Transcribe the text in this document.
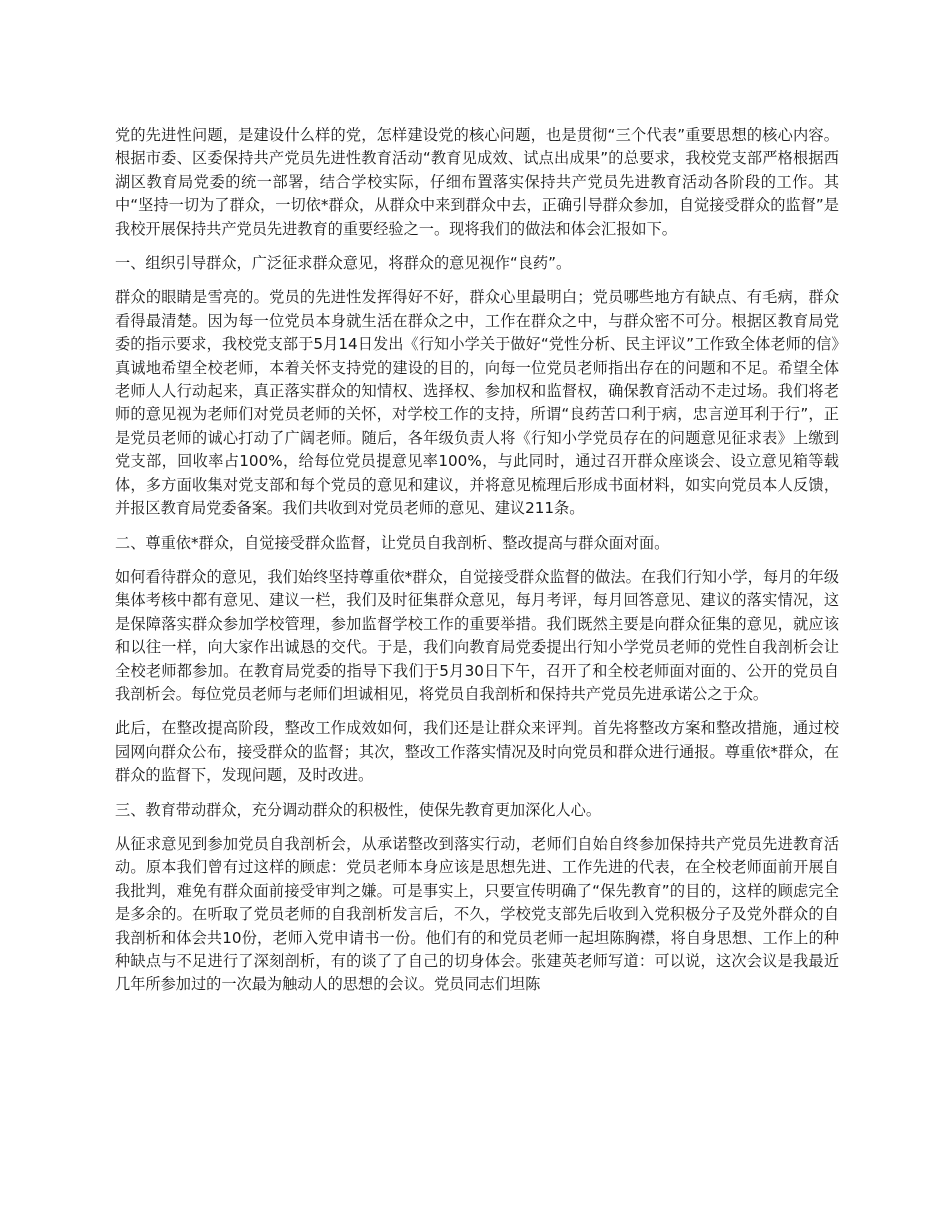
党的先进性问题，是建设什么样的党，怎样建设党的核心问题，也是贯彻“三个代表”重要思想的核心内容。根据市委、区委保持共产党员先进性教育活动“教育见成效、试点出成果”的总要求，我校党支部严格根据西湖区教育局党委的统一部署，结合学校实际，仔细布置落实保持共产党员先进教育活动各阶段的工作。其中“坚持一切为了群众，一切依*群众，从群众中来到群众中去，正确引导群众参加，自觉接受群众的监督”是我校开展保持共产党员先进教育的重要经验之一。现将我们的做法和体会汇报如下。

一、组织引导群众，广泛征求群众意见，将群众的意见视作“良药”。

群众的眼睛是雪亮的。党员的先进性发挥得好不好，群众心里最明白；党员哪些地方有缺点、有毛病，群众看得最清楚。因为每一位党员本身就生活在群众之中，工作在群众之中，与群众密不可分。根据区教育局党委的指示要求，我校党支部于5月14日发出《行知小学关于做好“党性分析、民主评议”工作致全体老师的信》真诚地希望全校老师，本着关怀支持党的建设的目的，向每一位党员老师指出存在的问题和不足。希望全体老师人人行动起来，真正落实群众的知情权、选择权、参加权和监督权，确保教育活动不走过场。我们将老师的意见视为老师们对党员老师的关怀，对学校工作的支持，所谓“良药苦口利于病，忠言逆耳利于行”，正是党员老师的诚心打动了广阔老师。随后，各年级负责人将《行知小学党员存在的问题意见征求表》上缴到党支部，回收率占100%，给每位党员提意见率100%，与此同时，通过召开群众座谈会、设立意见箱等载体，多方面收集对党支部和每个党员的意见和建议，并将意见梳理后形成书面材料，如实向党员本人反馈，并报区教育局党委备案。我们共收到对党员老师的意见、建议211条。

二、尊重依*群众，自觉接受群众监督，让党员自我剖析、整改提高与群众面对面。

如何看待群众的意见，我们始终坚持尊重依*群众，自觉接受群众监督的做法。在我们行知小学，每月的年级集体考核中都有意见、建议一栏，我们及时征集群众意见，每月考评，每月回答意见、建议的落实情况，这是保障落实群众参加学校管理，参加监督学校工作的重要举措。我们既然主要是向群众征集的意见，就应该和以往一样，向大家作出诚恳的交代。于是，我们向教育局党委提出行知小学党员老师的党性自我剖析会让全校老师都参加。在教育局党委的指导下我们于5月30日下午，召开了和全校老师面对面的、公开的党员自我剖析会。每位党员老师与老师们坦诚相见，将党员自我剖析和保持共产党员先进承诺公之于众。

此后，在整改提高阶段，整改工作成效如何，我们还是让群众来评判。首先将整改方案和整改措施，通过校园网向群众公布，接受群众的监督；其次，整改工作落实情况及时向党员和群众进行通报。尊重依*群众，在群众的监督下，发现问题，及时改进。

三、教育带动群众，充分调动群众的积极性，使保先教育更加深化人心。

从征求意见到参加党员自我剖析会，从承诺整改到落实行动，老师们自始自终参加保持共产党员先进教育活动。原本我们曾有过这样的顾虑：党员老师本身应该是思想先进、工作先进的代表，在全校老师面前开展自我批判，难免有群众面前接受审判之嫌。可是事实上，只要宣传明确了“保先教育”的目的，这样的顾虑完全是多余的。在听取了党员老师的自我剖析发言后，不久，学校党支部先后收到入党积极分子及党外群众的自我剖析和体会共10份，老师入党申请书一份。他们有的和党员老师一起坦陈胸襟，将自身思想、工作上的种种缺点与不足进行了深刻剖析，有的谈了了自己的切身体会。张建英老师写道：可以说，这次会议是我最近几年所参加过的一次最为触动人的思想的会议。党员同志们坦陈
